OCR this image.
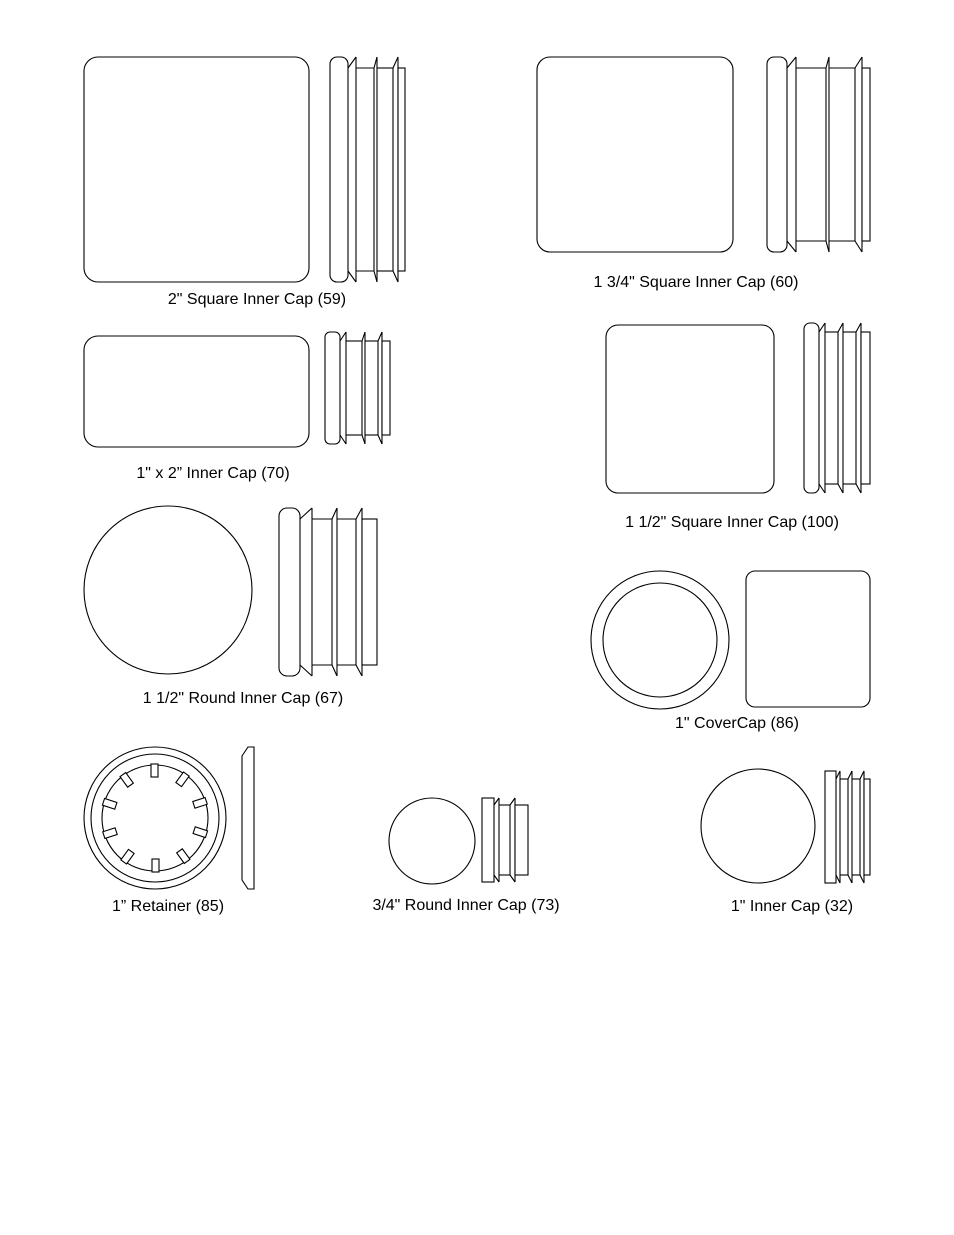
2" Square Inner Cap (59)
1 3/4" Square Inner Cap (60)
1" x 2” Inner Cap (70)
1 1/2" Square Inner Cap (100)
1 1/2" Round Inner Cap (67)
1" CoverCap (86)
1” Retainer (85)	3/4" Round Inner Cap (73)	1" Inner Cap (32)
